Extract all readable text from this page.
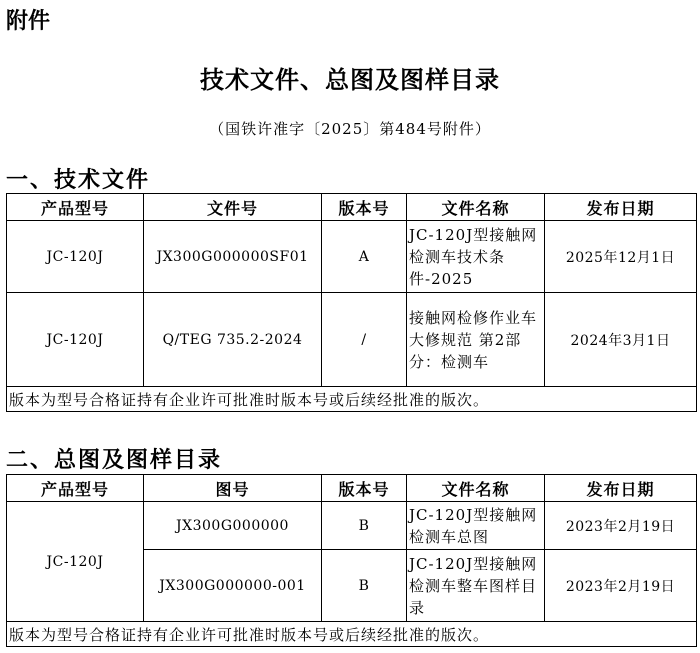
附件
技术文件、总图及图样目录
（国铁许准字〔2025〕第484号附件）
一、技术文件
产品型号	文件号	版本号	文件名称	发布日期
JC-120J	JX300G000000SF01	A	JC-120J型接触网检测车技术条件-2025	2025年12月1日
JC-120J	Q/TEG 735.2-2024	/	接触网检修作业车大修规范 第2部分：检测车	2024年3月1日
版本为型号合格证持有企业许可批准时版本号或后续经批准的版次。				
二、总图及图样目录
产品型号	图号	版本号	文件名称	发布日期
JC-120J	JX300G000000	B	JC-120J型接触网检测车总图	2023年2月19日
	JX300G000000-001	B	JC-120J型接触网检测车整车图样目录	2023年2月19日
版本为型号合格证持有企业许可批准时版本号或后续经批准的版次。				
